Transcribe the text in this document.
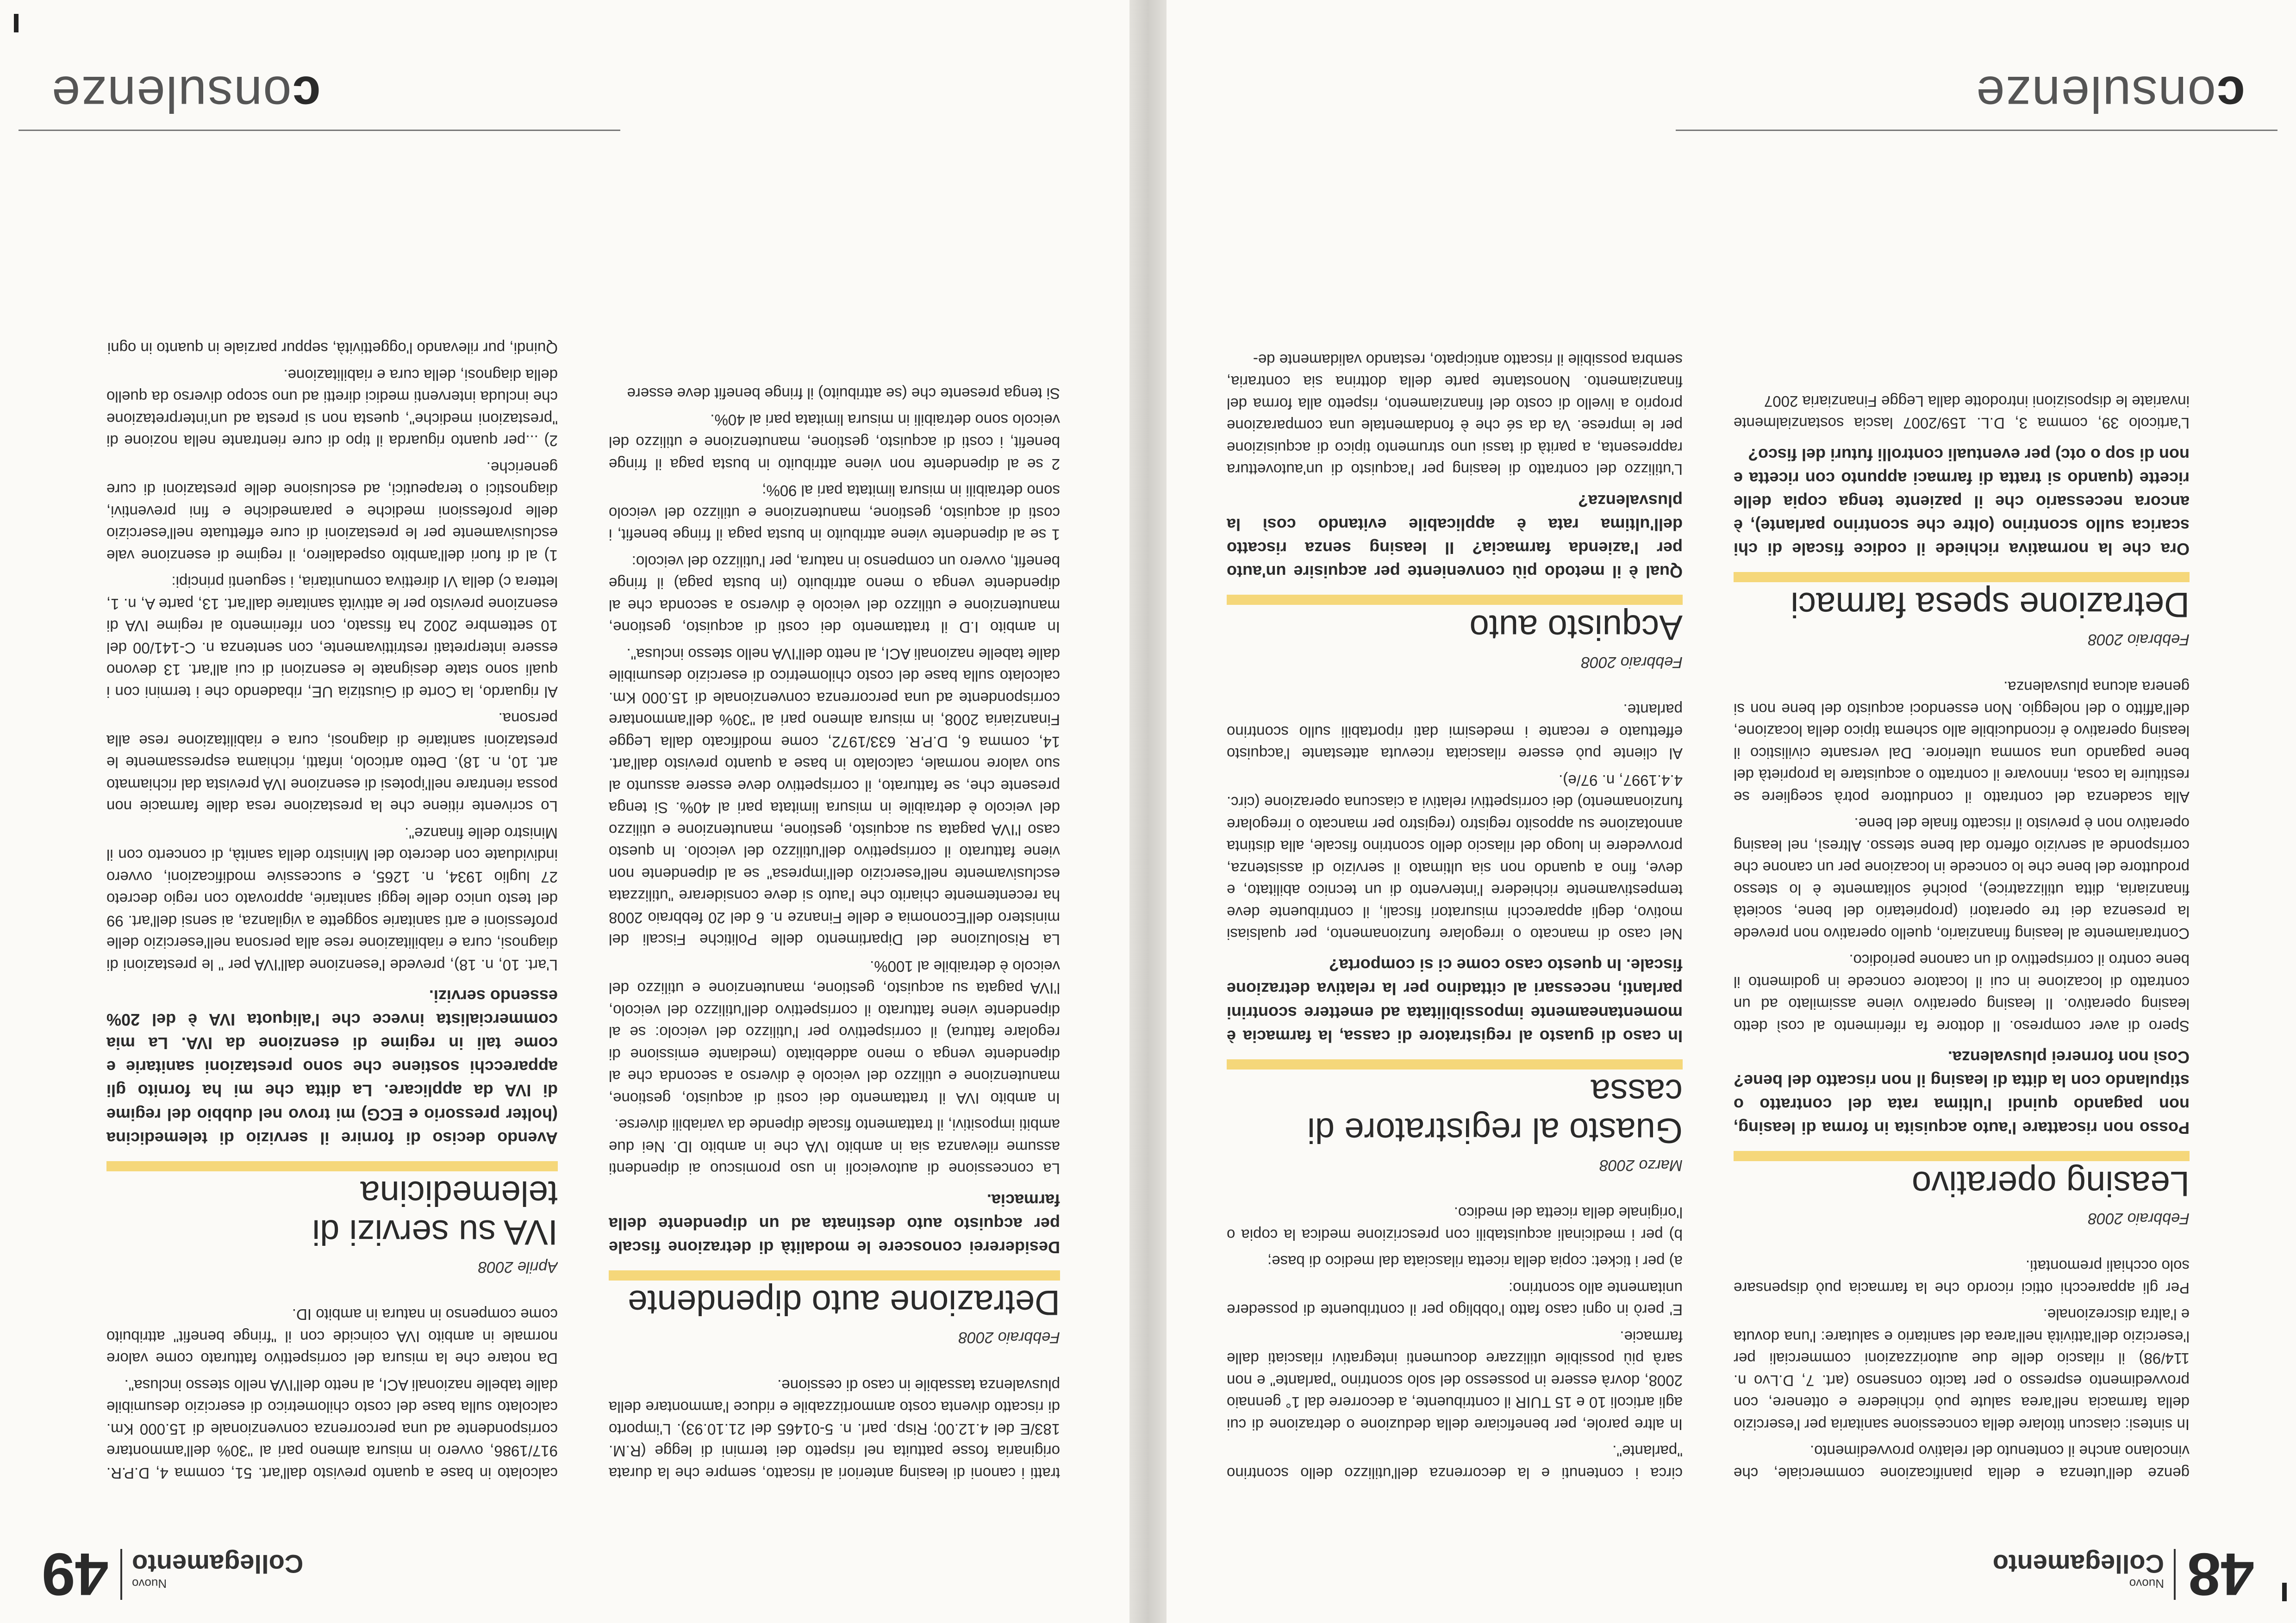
48
Nuovo
Collegamento

genze dell'utenza e della pianificazione commerciale, che vincolano anche il contenuto del relativo provvedimento.

In sintesi: ciascun titolare della concessione sanitaria per l'esercizio della farmacia nell'area salute può richiedere e ottenere, con provvedimento espresso o per tacito consenso (art. 7, D.Lvo n. 114/98) il rilascio delle due autorizzazioni commerciali per l'esercizio dell'attività nell'area del sanitario e salutare: l'una dovuta e l'altra discrezionale.

Per gli apparecchi ottici ricordo che la farmacia può dispensare solo occhiali premontati.

Febbraio 2008
Leasing operativo

Posso non riscattare l'auto acquisita in forma di leasing, non pagando quindi l'ultima rata del contratto o stipulando con la ditta di leasing il non riscatto del bene? Così non fornerei plusvalenza.

Spero di aver compreso. Il dottore fa riferimento al così detto leasing operativo. Il leasing operativo viene assimilato ad un contratto di locazione in cui il locatore concede in godimento il bene contro il corrispettivo di un canone periodico.

Contrariamente al leasing finanziario, quello operativo non prevede la presenza dei tre operatori (proprietario del bene, società finanziaria, ditta utilizzatrice), poiché solitamente è lo stesso produttore del bene che lo concede in locazione per un canone che corrisponde al servizio offerto dal bene stesso. Altresì, nel leasing operativo non è previsto il riscatto finale del bene.

Alla scadenza del contratto il conduttore potrà scegliere se restituire la cosa, rinnovare il contratto o acquistare la proprietà del bene pagando una somma ulteriore. Dal versante civilistico il leasing operativo è riconducibile allo schema tipico della locazione, dell'affitto o del noleggio. Non essendoci acquisto del bene non si genera alcuna plusvalenza.

Febbraio 2008
Detrazione spesa farmaci

Ora che la normativa richiede il codice fiscale di chi scarica sullo scontrino (oltre che scontrino parlante), è ancora necessario che il paziente tenga copia delle ricette (quando si tratta di farmaci appunto con ricetta e non di sop o otc) per eventuali controlli futuri del fisco?

L'articolo 39, comma 3, D.L. 159/2007 lascia sostanzialmente invariate le disposizioni introdotte dalla Legge Finanziaria 2007

circa i contenuti e la decorrenza dell'utilizzo dello scontrino "parlante".

In altre parole, per beneficiare della deduzione o detrazione di cui agli articoli 10 e 15 TUIR il contribuente, a decorrere dal 1° gennaio 2008, dovrà essere in possesso del solo scontrino "parlante" e non sarà più possibile utilizzare documenti integrativi rilasciati dalle farmacie.

E' però in ogni caso fatto l'obbligo per il contribuente di possedere unitamente allo scontrino:

a) per i ticket: copia della ricetta rilasciata dal medico di base;

b) per i medicinali acquistabili con prescrizione medica la copia o l'originale della ricetta del medico.

Marzo 2008
Guasto al registratore di cassa

In caso di guasto al registratore di cassa, la farmacia è momentaneamente impossibilitata ad emettere scontrini parlanti, necessari al cittadino per la relativa detrazione fiscale. In questo caso come ci si comporta?

Nel caso di mancato o irregolare funzionamento, per qualsiasi motivo, degli apparecchi misuratori fiscali, il contribuente deve tempestivamente richiedere l'intervento di un tecnico abilitato, e deve, fino a quando non sia ultimato il servizio di assistenza, provvedere in luogo del rilascio dello scontrino fiscale, alla distinta annotazione su apposito registro (registro per mancato o irregolare funzionamento) dei corrispettivi relativi a ciascuna operazione (circ. 4.4.1997, n. 97/e).

Al cliente può essere rilasciata ricevuta attestante l'acquisto effettuato e recante i medesimi dati riportabili sullo scontrino parlante.

Febbraio 2008
Acquisto auto

Qual è il metodo più conveniente per acquisire un'auto per l'azienda farmacia? Il leasing senza riscatto dell'ultima rata è applicabile evitando così la plusvalenza?

L'utilizzo del contratto di leasing per l'acquisto di un'autovettura rappresenta, a parità di tassi uno strumento tipico di acquisizione per le imprese. Va da sé che è fondamentale una comparazione proprio a livello di costo del finanziamento, rispetto alla forma del finanziamento. Nonostante parte della dottrina sia contraria, sembra possibile il riscatto anticipato, restando validamente de-

consulenze
49 Nuovo
Collegamento

tratti i canoni di leasing anteriori al riscatto, sempre che la durata originaria fosse pattuita nel rispetto dei termini di legge (R.M. 183/E del 4.12.00; Risp. parl. n. 5-01465 del 21.10.93). L'importo di riscatto diventa costo ammortizzabile e riduce l'ammontare della plusvalenza tassabile in caso di cessione.

Febbraio 2008
Detrazione auto dipendente

Desidererei conoscere le modalità di detrazione fiscale per acquisto auto destinata ad un dipendente della farmacia.

La concessione di autoveicoli in uso promiscuo ai dipendenti assume rilevanza sia in ambito IVA che in ambito ID. Nei due ambiti impositivi, il trattamento fiscale dipende da variabili diverse.

In ambito IVA il trattamento dei costi di acquisto, gestione, manutenzione e utilizzo del veicolo è diverso a seconda che al dipendente venga o meno addebitato (mediante emissione di regolare fattura) il corrispettivo per l'utilizzo del veicolo: se al dipendente viene fatturato il corrispettivo dell'utilizzo del veicolo, l'IVA pagata su acquisto, gestione, manutenzione e utilizzo del veicolo è detraibile al 100%.

La Risoluzione del Dipartimento delle Politiche Fiscali del ministero dell'Economia e delle Finanze n. 6 del 20 febbraio 2008 ha recentemente chiarito che l'auto si deve considerare "utilizzata esclusivamente nell'esercizio dell'impresa" se al dipendente non viene fatturato il corrispettivo dell'utilizzo del veicolo. In questo caso l'IVA pagata su acquisto, gestione, manutenzione e utilizzo del veicolo è detraibile in misura limitata pari al 40%. Si tenga presente che, se fatturato, il corrispettivo deve essere assunto al suo valore normale, calcolato in base a quanto previsto dall'art. 14, comma 6, D.P.R. 633/1972, come modificato dalla Legge Finanziaria 2008, in misura almeno pari al "30% dell'ammontare corrispondente ad una percorrenza convenzionale di 15.000 Km. calcolato sulla base del costo chilometrico di esercizio desumibile dalle tabelle nazionali ACI, al netto dell'IVA nello stesso inclusa".

In ambito I.D il trattamento dei costi di acquisto, gestione, manutenzione e utilizzo del veicolo è diverso a seconda che al dipendente venga o meno attribuito (in busta paga) il fringe benefit, ovvero un compenso in natura, per l'utilizzo del veicolo:

1 se al dipendente viene attribuito in busta paga il fringe benefit, i costi di acquisto, gestione, manutenzione e utilizzo del veicolo sono detraibili in misura limitata pari al 90%;

2 se al dipendente non viene attribuito in busta paga il fringe benefit, i costi di acquisto, gestione, manutenzione e utilizzo del veicolo sono detraibili in misura limitata pari al 40%.

Si tenga presente che (se attribuito) il fringe benefit deve essere

calcolato in base a quanto previsto dall'art. 51, comma 4, D.P.R. 917/1986, ovvero in misura almeno pari al "30% dell'ammontare corrispondente ad una percorrenza convenzionale di 15.000 Km. calcolato sulla base del costo chilometrico di esercizio desumibile dalle tabelle nazionali ACI, al netto dell'IVA nello stesso inclusa".

Da notare che la misura del corrispettivo fatturato come valore normale in ambito IVA coincide con il "fringe benefit" attribuito come compenso in natura in ambito ID.

Aprile 2008
IVA su servizi di telemedicina

Avendo deciso di fornire il servizio di telemedicina (holter pressorio e ECG) mi trovo nel dubbio del regime di IVA da applicare. La ditta che mi ha fornito gli apparecchi sostiene che sono prestazioni sanitarie e come tali in regime di esenzione da IVA. La mia commercialista invece che l'aliquota IVA è del 20% essendo servizi.

L'art. 10, n. 18), prevede l'esenzione dall'IVA per " le prestazioni di diagnosi, cura e riabilitazione rese alla persona nell'esercizio delle professioni e arti sanitarie soggette a vigilanza, ai sensi dell'art. 99 del testo unico delle leggi sanitarie, approvato con regio decreto 27 luglio 1934, n. 1265, e successive modificazioni, ovvero individuate con decreto del Ministro della sanità, di concerto con il Ministro delle finanze".

Lo scrivente ritiene che la prestazione resa dalle farmacie non possa rientrare nell'ipotesi di esenzione IVA prevista dal richiamato art. 10, n. 18). Detto articolo, infatti, richiama espressamente le prestazioni sanitarie di diagnosi, cura e riabilitazione rese alla persona.

Al riguardo, la Corte di Giustizia UE, ribadendo che i termini con i quali sono state designate le esenzioni di cui all'art. 13 devono essere interpretati restrittivamente, con sentenza n. C-141/00 del 10 settembre 2002 ha fissato, con riferimento al regime IVA di esenzione previsto per le attività sanitarie dall'art. 13, parte A, n. 1, lettera c) della VI direttiva comunitaria, i seguenti principi:

1) al di fuori dell'ambito ospedaliero, il regime di esenzione vale esclusivamente per le prestazioni di cure effettuate nell'esercizio delle professioni mediche e paramediche e fini preventivi, diagnostici o terapeutici, ad esclusione delle prestazioni di cure generiche.

2) ...per quanto riguarda il tipo di cure rientrante nella nozione di "prestazioni mediche", questa non si presta ad un'interpretazione che includa interventi medici diretti ad uno scopo diverso da quello della diagnosi, della cura e riabilitazione.

Quindi, pur rilevando l'oggettività, seppur parziale in quanto in ogni

consulenze
